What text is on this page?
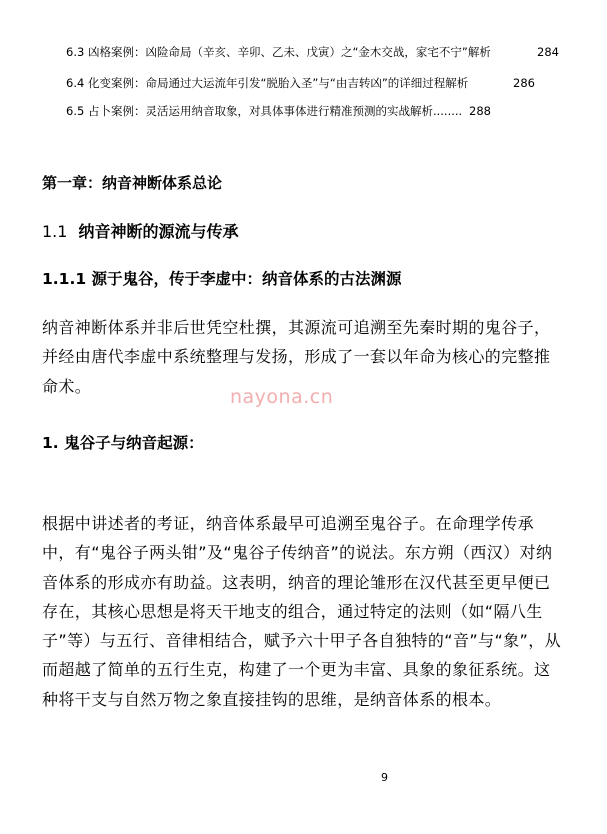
6.3 凶格案例：凶险命局（辛亥、辛卯、乙未、戊寅）之“金木交战，家宅不宁”解析	284
6.4 化变案例：命局通过大运流年引发“脱胎入圣”与“由吉转凶”的详细过程解析	286
6.5 占卜案例：灵活运用纳音取象，对具体事体进行精准预测的实战解析........ 288
第一章：纳音神断体系总论
1.1 纳音神断的源流与传承
1.1.1 源于鬼谷，传于李虚中：纳音体系的古法渊源

纳音神断体系并非后世凭空杜撰，其源流可追溯至先秦时期的鬼谷子，并经由唐代李虚中系统整理与发扬，形成了一套以年命为核心的完整推命术。	nayona.cn
1. 鬼谷子与纳音起源：

根据中讲述者的考证，纳音体系最早可追溯至鬼谷子。在命理学传承中，有“鬼谷子两头钳”及“鬼谷子传纳音”的说法。东方朔（西汉）对纳音体系的形成亦有助益。这表明，纳音的理论雏形在汉代甚至更早便已存在，其核心思想是将天干地支的组合，通过特定的法则（如“隔八生子”等）与五行、音律相结合，赋予六十甲子各自独特的“音”与“象”，从而超越了简单的五行生克，构建了一个更为丰富、具象的象征系统。这种将干支与自然万物之象直接挂钩的思维，是纳音体系的根本。

9
